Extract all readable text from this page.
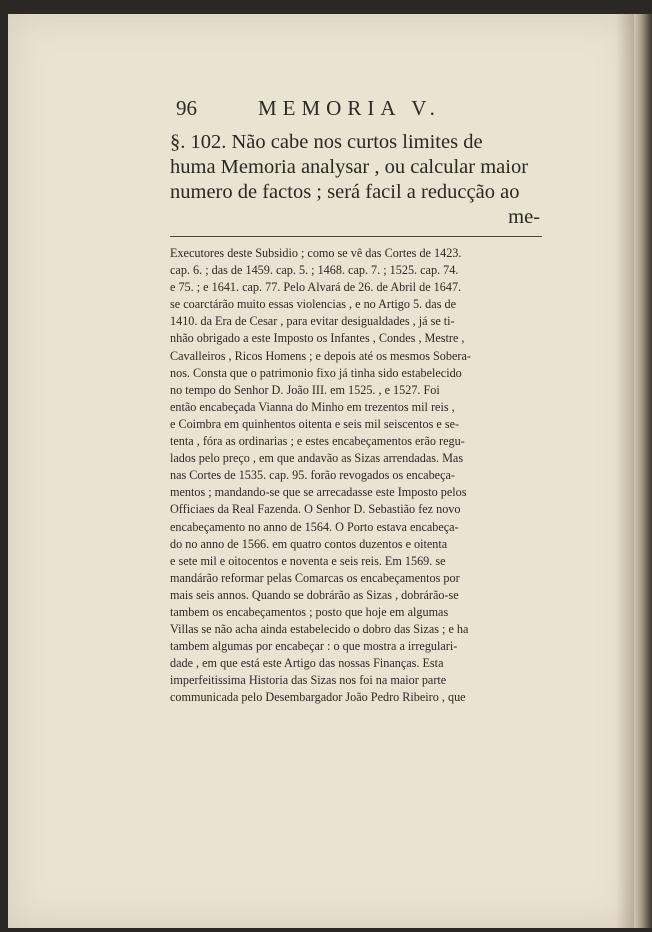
96	MEMORIA V.
§. 102. Não cabe nos curtos limites de
huma Memoria analysar , ou calcular maior
numero de factos ; será facil a reducção ao
me-
Executores deste Subsidio ; como se vê das Cortes de 1423.
cap. 6. ; das de 1459. cap. 5. ; 1468. cap. 7. ; 1525. cap. 74.
e 75. ; e 1641. cap. 77. Pelo Alvará de 26. de Abril de 1647.
se coarctárão muito essas violencias , e no Artigo 5. das de
1410. da Era de Cesar , para evitar desigualdades , já se ti-
nhão obrigado a este Imposto os Infantes , Condes , Mestre ,
Cavalleiros , Ricos Homens ; e depois até os mesmos Sobera-
nos. Consta que o patrimonio fixo já tinha sido estabelecido
no tempo do Senhor D. João III. em 1525. , e 1527. Foi
então encabeçada Vianna do Minho em trezentos mil reis ,
e Coimbra em quinhentos oitenta e seis mil seiscentos e se-
tenta , fóra as ordinarias ; e estes encabeçamentos erão regu-
lados pelo preço , em que andavão as Sizas arrendadas. Mas
nas Cortes de 1535. cap. 95. forão revogados os encabeça-
mentos ; mandando-se que se arrecadasse este Imposto pelos
Officiaes da Real Fazenda. O Senhor D. Sebastião fez novo
encabeçamento no anno de 1564. O Porto estava encabeça-
do no anno de 1566. em quatro contos duzentos e oitenta
e sete mil e oitocentos e noventa e seis reis. Em 1569. se
mandárão reformar pelas Comarcas os encabeçamentos por
mais seis annos. Quando se dobrárão as Sizas , dobrárão-se
tambem os encabeçamentos ; posto que hoje em algumas
Villas se não acha ainda estabelecido o dobro das Sizas ; e ha
tambem algumas por encabeçar : o que mostra a irregulari-
dade , em que está este Artigo das nossas Finanças. Esta
imperfeitissima Historia das Sizas nos foi na maior parte
communicada pelo Desembargador João Pedro Ribeiro , que
